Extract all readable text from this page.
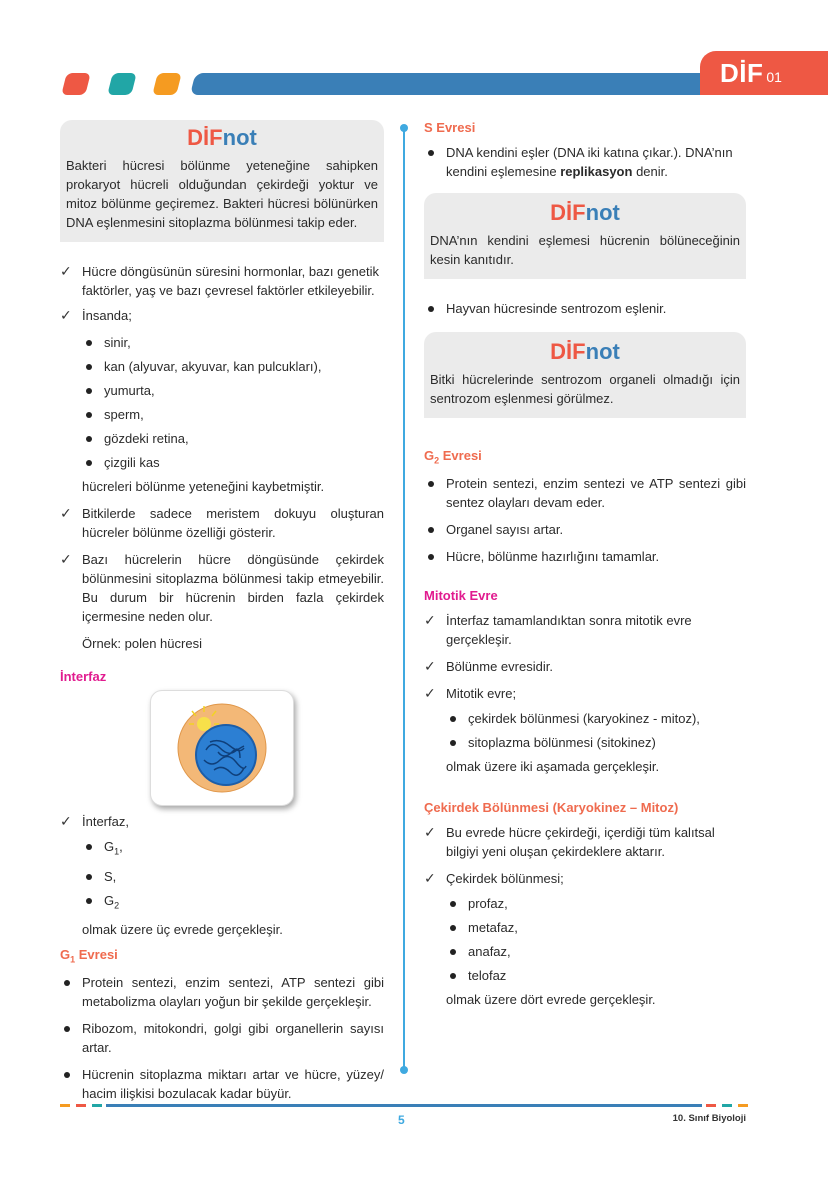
DİF 01
DİFnot

Bakteri hücresi bölünme yeteneğine sahipken prokaryot hücreli olduğundan çekirdeği yoktur ve mitoz bölünme geçiremez. Bakteri hücresi bölünürken DNA eşlenmesini sitoplazma bölünmesi takip eder.

✓ Hücre döngüsünün süresini hormonlar, bazı genetik faktörler, yaş ve bazı çevresel faktörler etkileyebilir.
✓ İnsanda;
sinir,
kan (alyuvar, akyuvar, kan pulcukları),
yumurta,
sperm,
gözdeki retina,
çizgili kas
hücreleri bölünme yeteneğini kaybetmiştir.
✓ Bitkilerde sadece meristem dokuyu oluşturan hücreler bölünme özelliği gösterir.
✓ Bazı hücrelerin hücre döngüsünde çekirdek bölünmesini sitoplazma bölünmesi takip etmeyebilir. Bu durum bir hücrenin birden fazla çekirdek içermesine neden olur.
Örnek: polen hücresi
İnterfaz
✓ İnterfaz,
$G_1$,
S,
$G_2$
olmak üzere üç evrede gerçekleşir.
$G_1$ Evresi
Protein sentezi, enzim sentezi, ATP sentezi gibi metabolizma olayları yoğun bir şekilde gerçekleşir.
Ribozom, mitokondri, golgi gibi organellerin sayısı artar.
Hücrenin sitoplazma miktarı artar ve hücre, yüzey/ hacim ilişkisi bozulacak kadar büyür.
S Evresi
DNA kendini eşler (DNA iki katına çıkar.). DNA’nın kendini eşlemesine replikasyon denir.
DİFnot

DNA’nın kendini eşlemesi hücrenin bölüneceğinin kesin kanıtıdır.

Hayvan hücresinde sentrozom eşlenir.
DİFnot

Bitki hücrelerinde sentrozom organeli olmadığı için sentrozom eşlenmesi görülmez.

$G_2$ Evresi
Protein sentezi, enzim sentezi ve ATP sentezi gibi sentez olayları devam eder.
Organel sayısı artar.
Hücre, bölünme hazırlığını tamamlar.
Mitotik Evre
✓ İnterfaz tamamlandıktan sonra mitotik evre gerçekleşir.
✓ Bölünme evresidir.
✓ Mitotik evre;
çekirdek bölünmesi (karyokinez - mitoz),
sitoplazma bölünmesi (sitokinez)
olmak üzere iki aşamada gerçekleşir.
Çekirdek Bölünmesi (Karyokinez – Mitoz)
✓ Bu evrede hücre çekirdeği, içerdiği tüm kalıtsal bilgiyi yeni oluşan çekirdeklere aktarır.
✓ Çekirdek bölünmesi;
profaz,
metafaz,
anafaz,
telofaz
olmak üzere dört evrede gerçekleşir.
5	10. Sınıf Biyoloji
